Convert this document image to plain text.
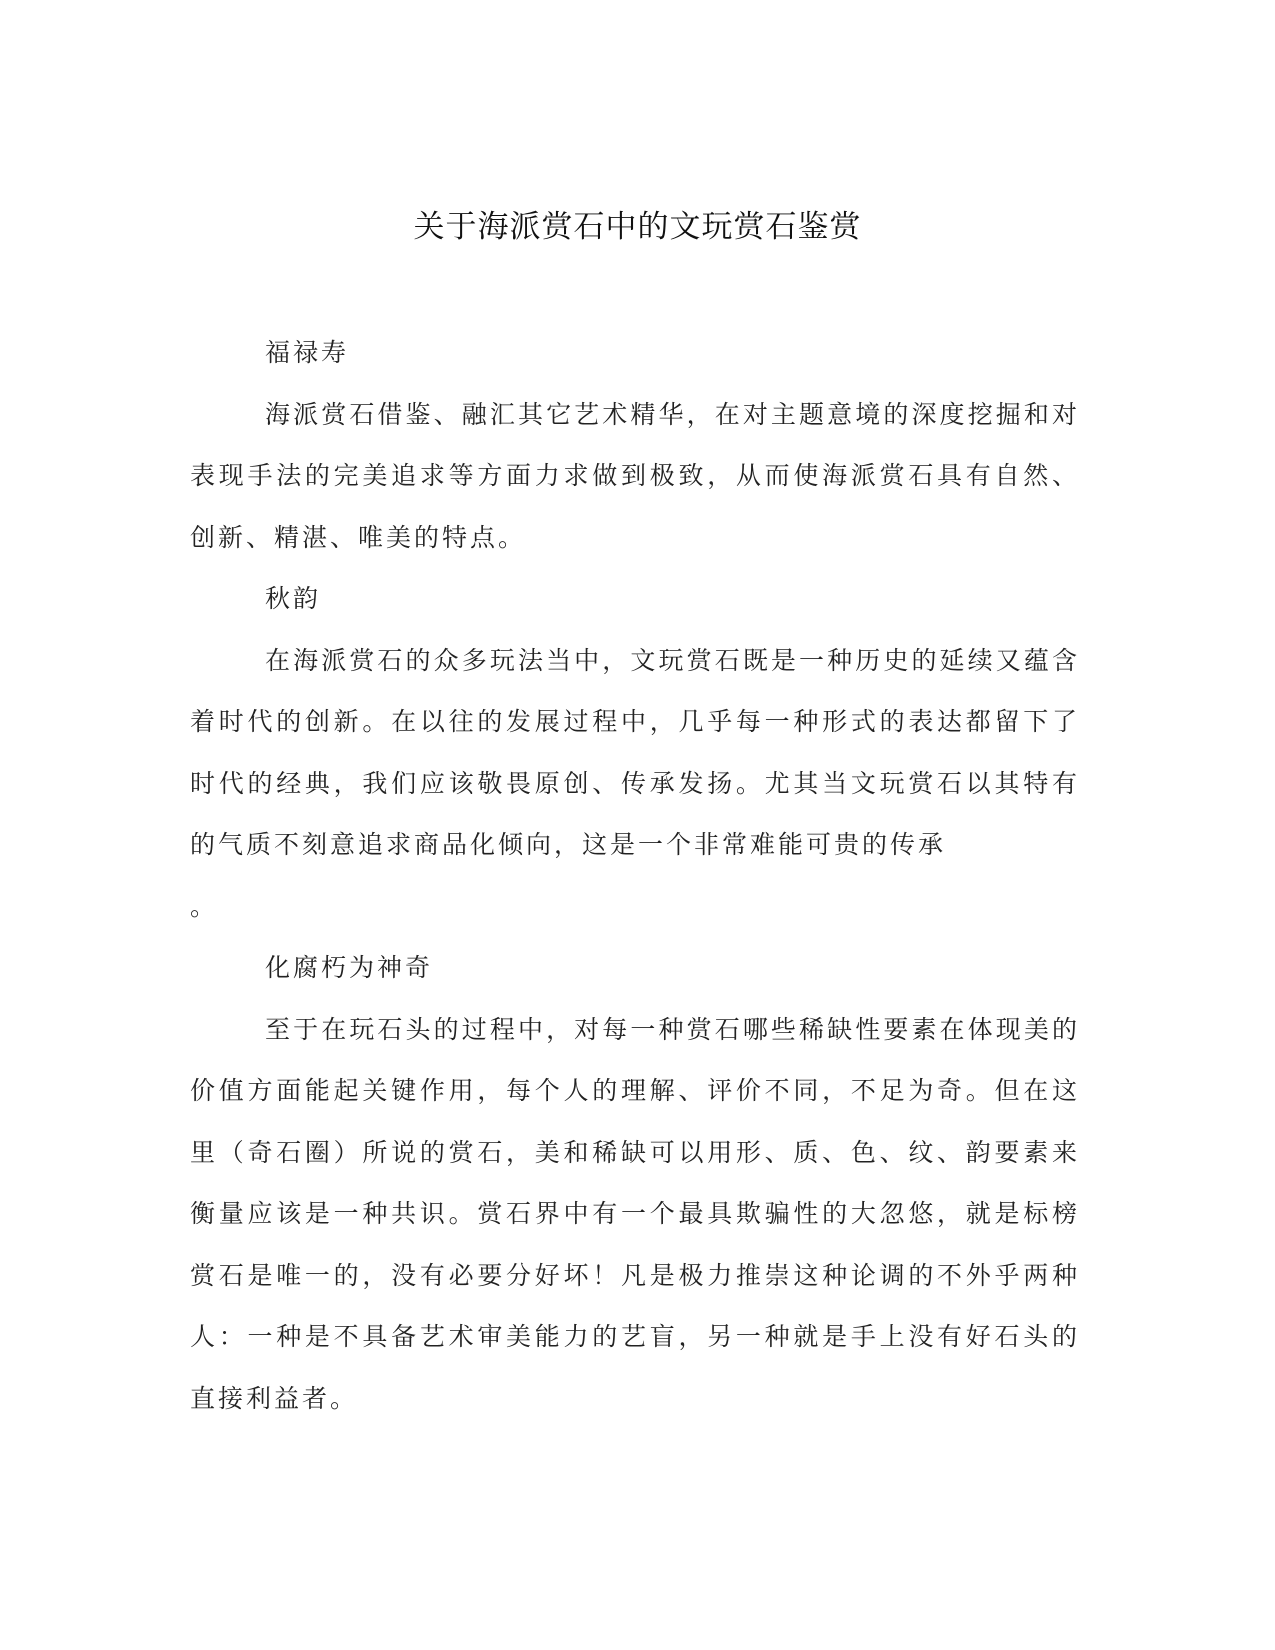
关于海派赏石中的文玩赏石鉴赏

福禄寿

海派赏石借鉴、融汇其它艺术精华，在对主题意境的深度挖掘和对表现手法的完美追求等方面力求做到极致，从而使海派赏石具有自然、创新、精湛、唯美的特点。

秋韵

在海派赏石的众多玩法当中，文玩赏石既是一种历史的延续又蕴含着时代的创新。在以往的发展过程中，几乎每一种形式的表达都留下了时代的经典，我们应该敬畏原创、传承发扬。尤其当文玩赏石以其特有的气质不刻意追求商品化倾向，这是一个非常难能可贵的传承

。

化腐朽为神奇

至于在玩石头的过程中，对每一种赏石哪些稀缺性要素在体现美的价值方面能起关键作用，每个人的理解、评价不同，不足为奇。但在这里（奇石圈）所说的赏石，美和稀缺可以用形、质、色、纹、韵要素来衡量应该是一种共识。赏石界中有一个最具欺骗性的大忽悠，就是标榜赏石是唯一的，没有必要分好坏！凡是极力推崇这种论调的不外乎两种人：一种是不具备艺术审美能力的艺盲，另一种就是手上没有好石头的直接利益者。
